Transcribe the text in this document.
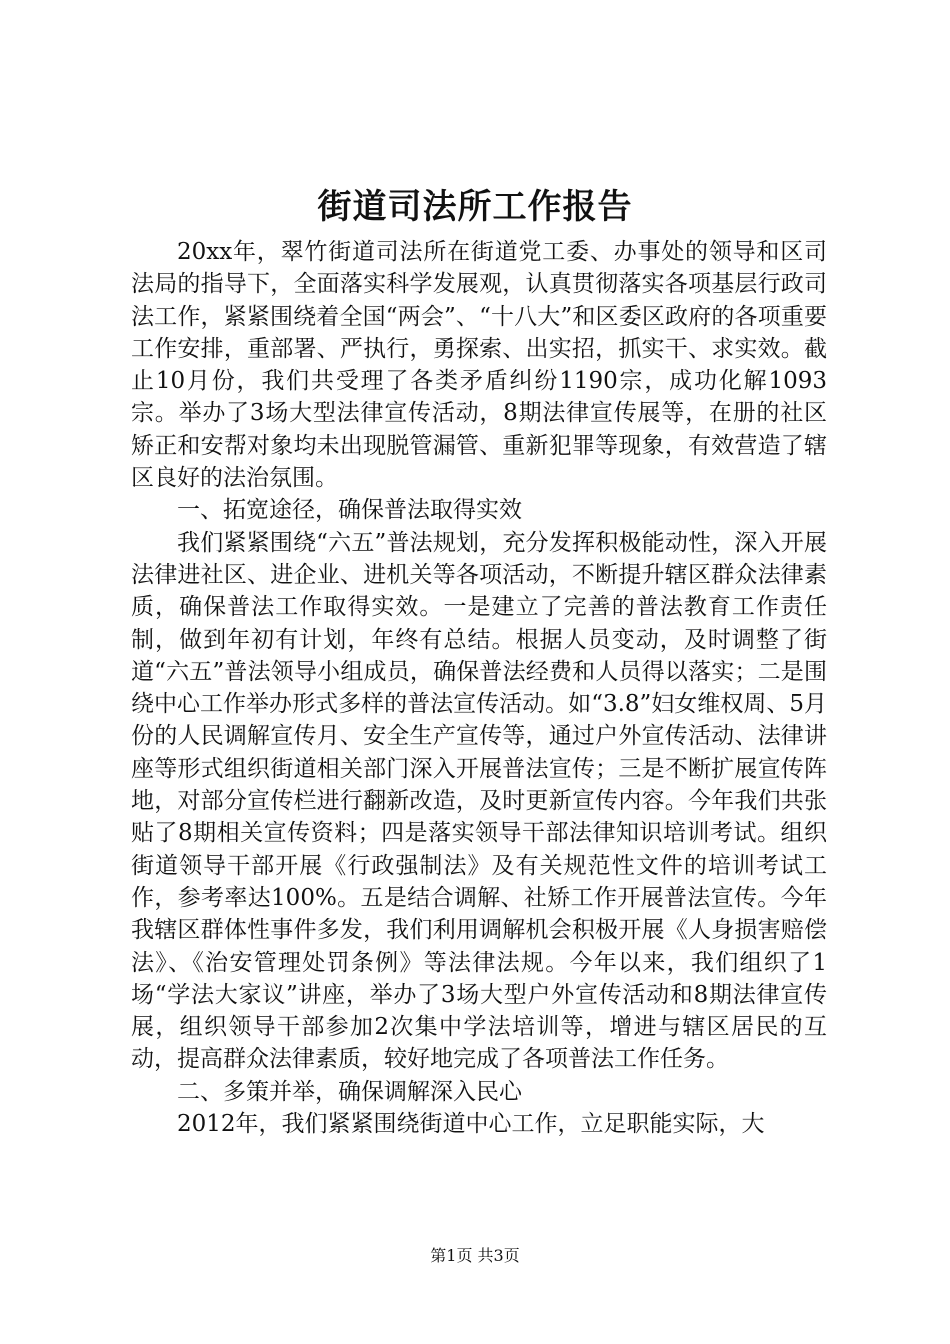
街道司法所工作报告

20xx年，翠竹街道司法所在街道党工委、办事处的领导和区司法局的指导下，全面落实科学发展观，认真贯彻落实各项基层行政司法工作，紧紧围绕着全国“两会”、“十八大”和区委区政府的各项重要工作安排，重部署、严执行，勇探索、出实招，抓实干、求实效。截止10月份，我们共受理了各类矛盾纠纷1190宗，成功化解1093宗。举办了3场大型法律宣传活动，8期法律宣传展等，在册的社区矫正和安帮对象均未出现脱管漏管、重新犯罪等现象，有效营造了辖区良好的法治氛围。

一、拓宽途径，确保普法取得实效

我们紧紧围绕“六五”普法规划，充分发挥积极能动性，深入开展法律进社区、进企业、进机关等各项活动，不断提升辖区群众法律素质，确保普法工作取得实效。一是建立了完善的普法教育工作责任制，做到年初有计划，年终有总结。根据人员变动，及时调整了街道“六五”普法领导小组成员，确保普法经费和人员得以落实；二是围绕中心工作举办形式多样的普法宣传活动。如“3.8”妇女维权周、5月份的人民调解宣传月、安全生产宣传等，通过户外宣传活动、法律讲座等形式组织街道相关部门深入开展普法宣传；三是不断扩展宣传阵地，对部分宣传栏进行翻新改造，及时更新宣传内容。今年我们共张贴了8期相关宣传资料；四是落实领导干部法律知识培训考试。组织街道领导干部开展《行政强制法》及有关规范性文件的培训考试工作，参考率达100%。五是结合调解、社矫工作开展普法宣传。今年我辖区群体性事件多发，我们利用调解机会积极开展《人身损害赔偿法》、《治安管理处罚条例》等法律法规。今年以来，我们组织了1场“学法大家议”讲座，举办了3场大型户外宣传活动和8期法律宣传展，组织领导干部参加2次集中学法培训等，增进与辖区居民的互动，提高群众法律素质，较好地完成了各项普法工作任务。

二、多策并举，确保调解深入民心

2012年，我们紧紧围绕街道中心工作，立足职能实际，大

第1页 共3页
